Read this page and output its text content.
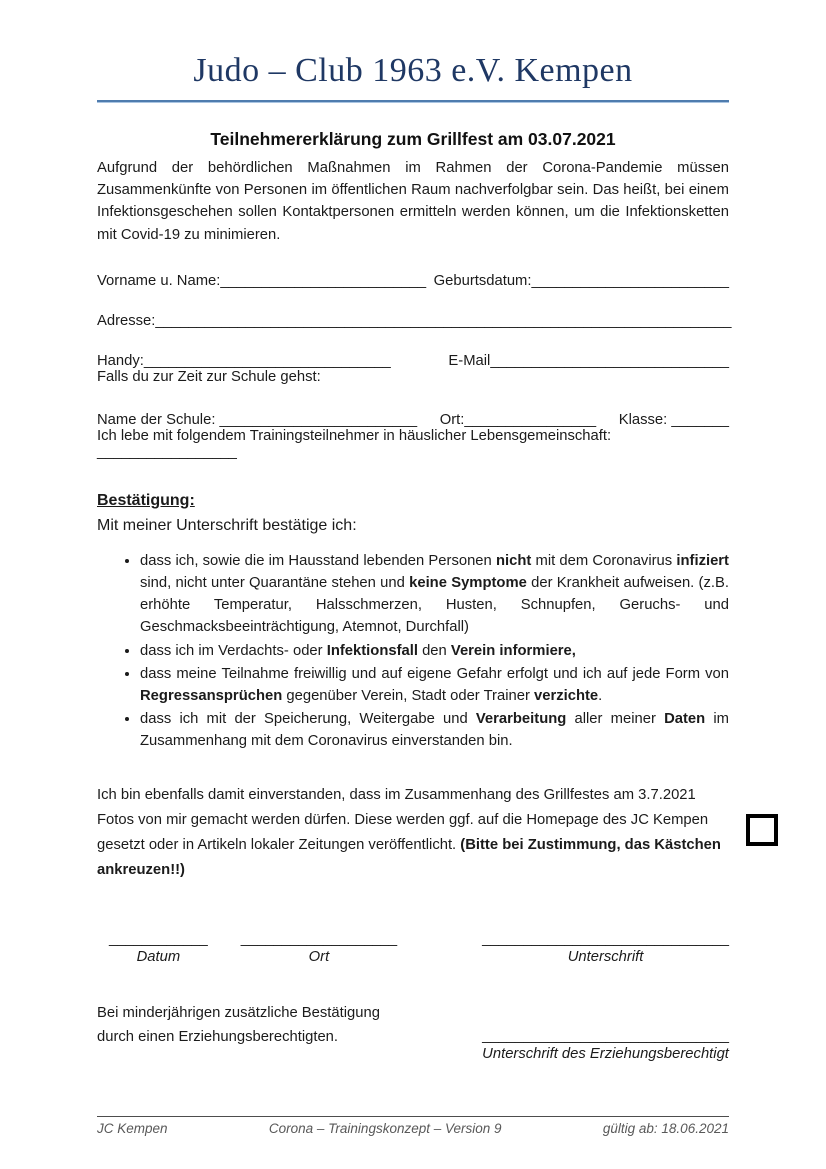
Judo – Club 1963 e.V. Kempen
Teilnehmererklärung zum Grillfest am 03.07.2021

Aufgrund der behördlichen Maßnahmen im Rahmen der Corona-Pandemie müssen Zusammenkünfte von Personen im öffentlichen Raum nachverfolgbar sein. Das heißt, bei einem Infektionsgeschehen sollen Kontaktpersonen ermitteln werden können, um die Infektionsketten mit Covid-19 zu minimieren.

Vorname u. Name:_________________________ Geburtsdatum:________________________
Adresse:______________________________________________________________________
Handy:______________________________	E-Mail_____________________________

Falls du zur Zeit zur Schule gehst:

Name der Schule: ________________________ Ort:________________ Klasse: _______

Ich lebe mit folgendem Trainingsteilnehmer in häuslicher Lebensgemeinschaft: _________________

Bestätigung:

Mit meiner Unterschrift bestätige ich:

• dass ich, sowie die im Hausstand lebenden Personen nicht mit dem Coronavirus infiziert sind, nicht unter Quarantäne stehen und keine Symptome der Krankheit aufweisen. (z.B. erhöhte Temperatur, Halsschmerzen, Husten, Schnupfen, Geruchs- und Geschmacksbeeinträchtigung, Atemnot, Durchfall)
• dass ich im Verdachts- oder Infektionsfall den Verein informiere,
• dass meine Teilnahme freiwillig und auf eigene Gefahr erfolgt und ich auf jede Form von Regressansprüchen gegenüber Verein, Stadt oder Trainer verzichte.
• dass ich mit der Speicherung, Weitergabe und Verarbeitung aller meiner Daten im Zusammenhang mit dem Coronavirus einverstanden bin.

Ich bin ebenfalls damit einverstanden, dass im Zusammenhang des Grillfestes am 3.7.2021 Fotos von mir gemacht werden dürfen. Diese werden ggf. auf die Homepage des JC Kempen gesetzt oder in Artikeln lokaler Zeitungen veröffentlicht. (Bitte bei Zustimmung, das Kästchen ankreuzen!!)

____________
Datum
___________________
Ort
______________________________
Unterschrift

Bei minderjährigen zusätzliche Bestätigung

durch einen Erziehungsberechtigten.	______________________________
Unterschrift des Erziehungsberechtigt
JC Kempen	Corona – Trainingskonzept – Version 9	gültig ab: 18.06.2021
